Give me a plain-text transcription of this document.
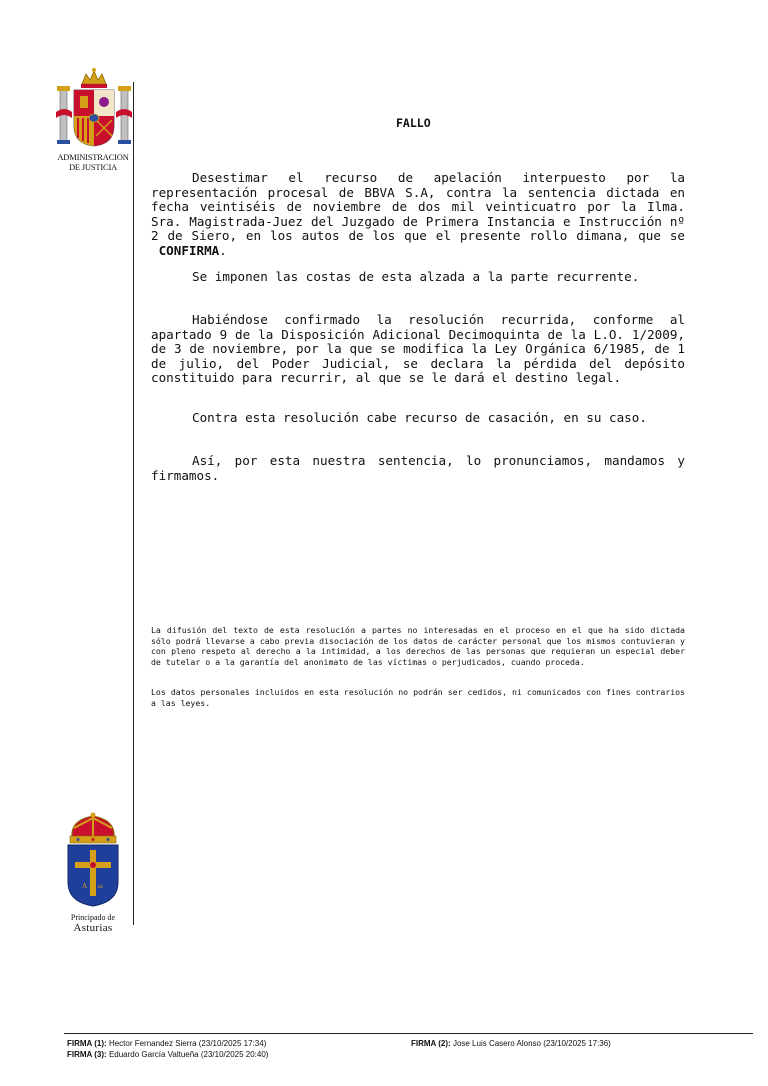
ADMINISTRACION
DE JUSTICIA
FALLO

Desestimar el recurso de apelación interpuesto por la representación procesal de BBVA S.A, contra la sentencia dictada en fecha veintiséis de noviembre de dos mil veinticuatro por la Ilma. Sra. Magistrada-Juez del Juzgado de Primera Instancia e Instrucción nº 2 de Siero, en los autos de los que el presente rollo dimana, que se  CONFIRMA.

Se imponen las costas de esta alzada a la parte recurrente.

Habiéndose confirmado la resolución recurrida, conforme al apartado 9 de la Disposición Adicional Decimoquinta de la L.O. 1/2009, de 3 de noviembre, por la que se modifica la Ley Orgánica 6/1985, de 1 de julio, del Poder Judicial, se declara la pérdida del depósito constituido para recurrir, al que se le dará el destino legal.

Contra esta resolución cabe recurso de casación, en su caso.

Así, por esta nuestra sentencia, lo pronunciamos, mandamos y firmamos.

La difusión del texto de esta resolución a partes no interesadas en el proceso en el que ha sido dictada sólo podrá llevarse a cabo previa disociación de los datos de carácter personal que los mismos contuvieran y con pleno respeto al derecho a la intimidad, a los derechos de las personas que requieran un especial deber de tutelar o a la garantía del anonimato de las víctimas o perjudicados, cuando proceda.

Los datos personales incluidos en esta resolución no podrán ser cedidos, ni comunicados con fines contrarios a las leyes.

A ω
Principado de
Asturias
FIRMA (1): Hector Fernandez Sierra (23/10/2025 17:34)	FIRMA (2): Jose Luis Casero Alonso (23/10/2025 17:36)
FIRMA (3): Eduardo García Valtueña (23/10/2025 20:40)
